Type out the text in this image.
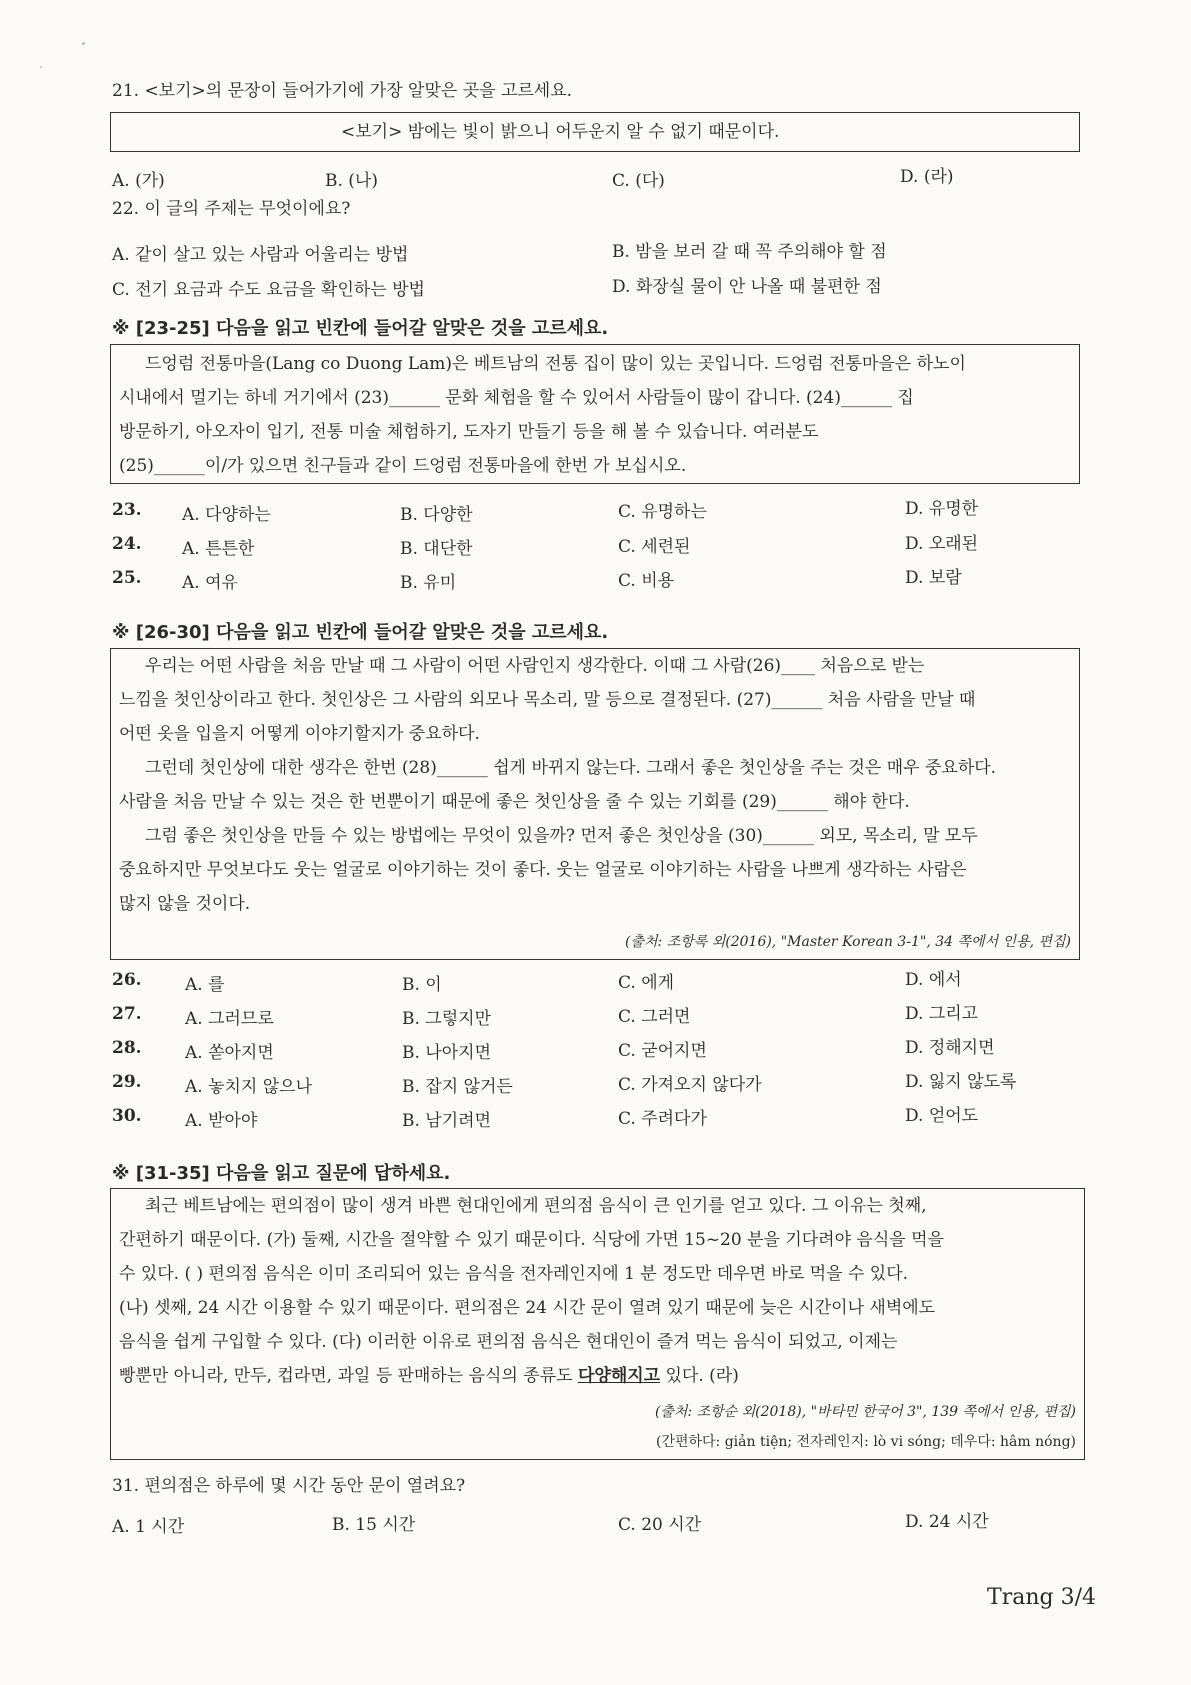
21. <보기>의 문장이 들어가기에 가장 알맞은 곳을 고르세요.
<보기> 밤에는 빛이 밝으니 어두운지 알 수 없기 때문이다.
A. (가)	B. (나)	C. (다)	D. (라)
22. 이 글의 주제는 무엇이에요?
A. 같이 살고 있는 사람과 어울리는 방법	B. 밤을 보러 갈 때 꼭 주의해야 할 점
C. 전기 요금과 수도 요금을 확인하는 방법	D. 화장실 물이 안 나올 때 불편한 점
※ [23-25] 다음을 읽고 빈칸에 들어갈 알맞은 것을 고르세요.
드엉럼 전통마을(Lang co Duong Lam)은 베트남의 전통 집이 많이 있는 곳입니다. 드엉럼 전통마을은 하노이
시내에서 멀기는 하네 거기에서 (23)______ 문화 체험을 할 수 있어서 사람들이 많이 갑니다. (24)______ 집
방문하기, 아오자이 입기, 전통 미술 체험하기, 도자기 만들기 등을 해 볼 수 있습니다. 여러분도
(25)______이/가 있으면 친구들과 같이 드엉럼 전통마을에 한번 가 보십시오.
23. A. 다양하는	B. 다양한	C. 유명하는	D. 유명한
24. A. 튼튼한	B. 대단한	C. 세련된	D. 오래된
25. A. 여유	B. 유미	C. 비용	D. 보람
※ [26-30] 다음을 읽고 빈칸에 들어갈 알맞은 것을 고르세요.
우리는 어떤 사람을 처음 만날 때 그 사람이 어떤 사람인지 생각한다. 이때 그 사람(26)____ 처음으로 받는
느낌을 첫인상이라고 한다. 첫인상은 그 사람의 외모나 목소리, 말 등으로 결정된다. (27)______ 처음 사람을 만날 때
어떤 옷을 입을지 어떻게 이야기할지가 중요하다.
그런데 첫인상에 대한 생각은 한번 (28)______ 쉽게 바뀌지 않는다. 그래서 좋은 첫인상을 주는 것은 매우 중요하다.
사람을 처음 만날 수 있는 것은 한 번뿐이기 때문에 좋은 첫인상을 줄 수 있는 기회를 (29)______ 해야 한다.
그럼 좋은 첫인상을 만들 수 있는 방법에는 무엇이 있을까? 먼저 좋은 첫인상을 (30)______ 외모, 목소리, 말 모두
중요하지만 무엇보다도 웃는 얼굴로 이야기하는 것이 좋다. 웃는 얼굴로 이야기하는 사람을 나쁘게 생각하는 사람은
많지 않을 것이다.
(출처: 조항록 외(2016), "Master Korean 3-1", 34 쪽에서 인용, 편집)
26.	A. 를	B. 이	C. 에게	D. 에서
27.	A. 그러므로	B. 그렇지만	C. 그러면	D. 그리고
28.	A. 쏟아지면	B. 나아지면	C. 굳어지면	D. 정해지면
29.	A. 놓치지 않으나	B. 잡지 않거든	C. 가져오지 않다가	D. 잃지 않도록
30.	A. 받아야	B. 남기려면	C. 주려다가	D. 얻어도
※ [31-35] 다음을 읽고 질문에 답하세요.
최근 베트남에는 편의점이 많이 생겨 바쁜 현대인에게 편의점 음식이 큰 인기를 얻고 있다. 그 이유는 첫째,
간편하기 때문이다. (가) 둘째, 시간을 절약할 수 있기 때문이다. 식당에 가면 15~20 분을 기다려야 음식을 먹을
수 있다. ( ) 편의점 음식은 이미 조리되어 있는 음식을 전자레인지에 1 분 정도만 데우면 바로 먹을 수 있다.
(나) 셋째, 24 시간 이용할 수 있기 때문이다. 편의점은 24 시간 문이 열려 있기 때문에 늦은 시간이나 새벽에도
음식을 쉽게 구입할 수 있다. (다) 이러한 이유로 편의점 음식은 현대인이 즐겨 먹는 음식이 되었고, 이제는
빵뿐만 아니라, 만두, 컵라면, 과일 등 판매하는 음식의 종류도 다양해지고 있다. (라)
(출처: 조항순 외(2018), "바타민 한국어 3", 139 쪽에서 인용, 편집)
(간편하다: giản tiện; 전자레인지: lò vi sóng; 데우다: hâm nóng)
31. 편의점은 하루에 몇 시간 동안 문이 열려요?
A. 1 시간	B. 15 시간	C. 20 시간	D. 24 시간
Trang 3/4
